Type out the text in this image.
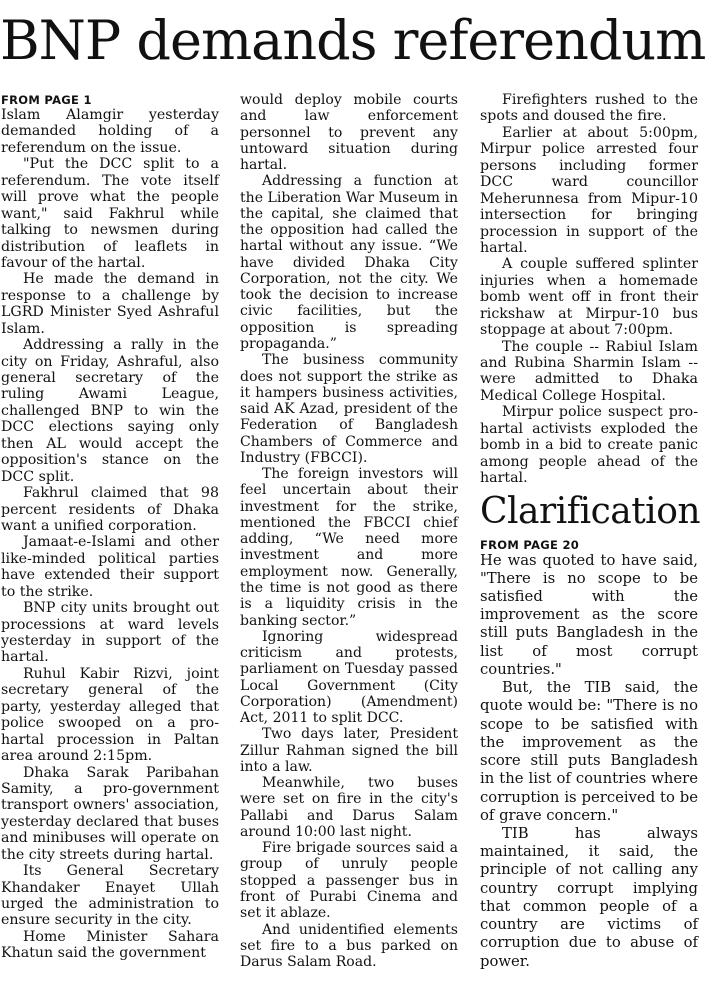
BNP demands referendum
FROM PAGE 1

Islam Alamgir yesterday demanded holding of a referendum on the issue.

"Put the DCC split to a referendum. The vote itself will prove what the people want," said Fakhrul while talking to newsmen during distribution of leaflets in favour of the hartal.

He made the demand in response to a challenge by LGRD Minister Syed Ashraful Islam.

Addressing a rally in the city on Friday, Ashraful, also general secretary of the ruling Awami League, challenged BNP to win the DCC elections saying only then AL would accept the opposition's stance on the DCC split.

Fakhrul claimed that 98 percent residents of Dhaka want a unified corporation.

Jamaat-e-Islami and other like-minded political parties have extended their support to the strike.

BNP city units brought out processions at ward levels yesterday in support of the hartal.

Ruhul Kabir Rizvi, joint secretary general of the party, yesterday alleged that police swooped on a pro-hartal procession in Paltan area around 2:15pm.

Dhaka Sarak Paribahan Samity, a pro-government transport owners' association, yesterday declared that buses and minibuses will operate on the city streets during hartal.

Its General Secretary Khandaker Enayet Ullah urged the administration to ensure security in the city.

Home Minister Sahara Khatun said the government

would deploy mobile courts and law enforcement personnel to prevent any untoward situation during hartal.

Addressing a function at the Liberation War Museum in the capital, she claimed that the opposition had called the hartal without any issue. “We have divided Dhaka City Corporation, not the city. We took the decision to increase civic facilities, but the opposition is spreading propaganda.”

The business community does not support the strike as it hampers business activities, said AK Azad, president of the Federation of Bangladesh Chambers of Commerce and Industry (FBCCI).

The foreign investors will feel uncertain about their investment for the strike, mentioned the FBCCI chief adding, “We need more investment and more employment now. Generally, the time is not good as there is a liquidity crisis in the banking sector.”

Ignoring widespread criticism and protests, parliament on Tuesday passed Local Government (City Corporation) (Amendment) Act, 2011 to split DCC.

Two days later, President Zillur Rahman signed the bill into a law.

Meanwhile, two buses were set on fire in the city's Pallabi and Darus Salam around 10:00 last night.

Fire brigade sources said a group of unruly people stopped a passenger bus in front of Purabi Cinema and set it ablaze.

And unidentified elements set fire to a bus parked on Darus Salam Road.

Firefighters rushed to the spots and doused the fire.

Earlier at about 5:00pm, Mirpur police arrested four persons including former DCC ward councillor Meherunnesa from Mipur-10 intersection for bringing procession in support of the hartal.

A couple suffered splinter injuries when a homemade bomb went off in front their rickshaw at Mirpur-10 bus stoppage at about 7:00pm.

The couple -- Rabiul Islam and Rubina Sharmin Islam -- were admitted to Dhaka Medical College Hospital.

Mirpur police suspect pro-hartal activists exploded the bomb in a bid to create panic among people ahead of the hartal.

Clarification
FROM PAGE 20

He was quoted to have said, "There is no scope to be satisfied with the improvement as the score still puts Bangladesh in the list of most corrupt countries."

But, the TIB said, the quote would be: "There is no scope to be satisfied with the improvement as the score still puts Bangladesh in the list of countries where corruption is perceived to be of grave concern."

TIB has always maintained, it said, the principle of not calling any country corrupt implying that common people of a country are victims of corruption due to abuse of power.
